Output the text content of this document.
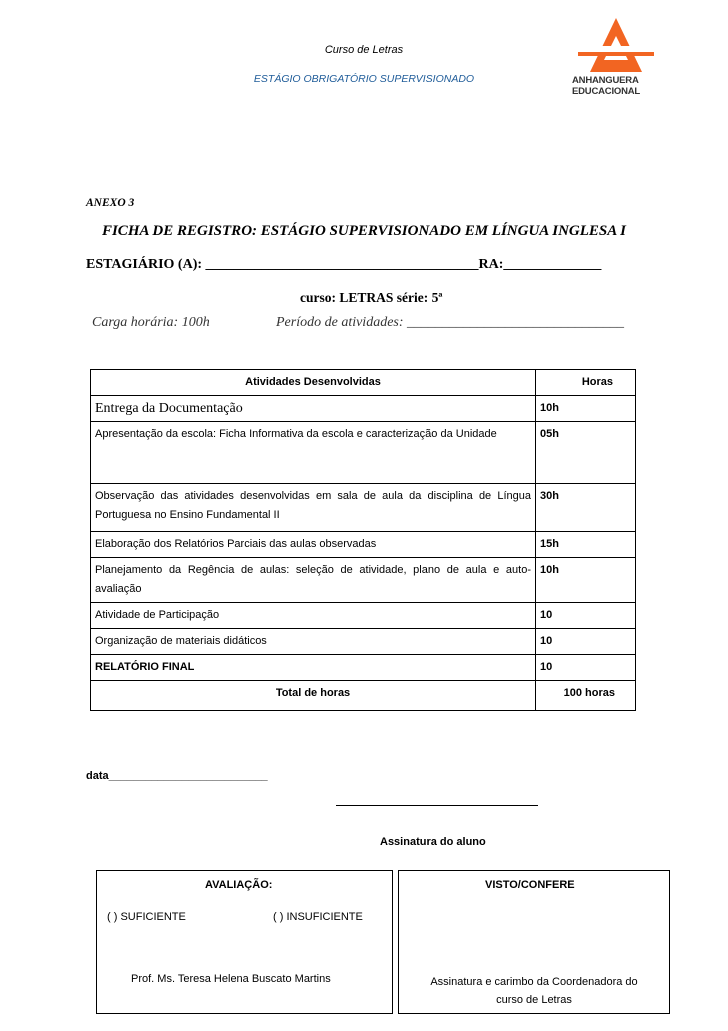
Curso de Letras
ESTÁGIO OBRIGATÓRIO SUPERVISIONADO	ANHANGUERA
EDUCACIONAL
ANEXO 3
FICHA DE REGISTRO: ESTÁGIO SUPERVISIONADO EM LÍNGUA INGLESA I
ESTAGIÁRIO (A): _______________________________________RA:______________
curso: LETRAS série: 5ª
Carga horária: 100h	Período de atividades: _______________________________
Atividades Desenvolvidas	Horas
Entrega da Documentação	10h
Apresentação da escola: Ficha Informativa da escola e caracterização da Unidade	05h
Observação das atividades desenvolvidas em sala de aula da disciplina de Língua Portuguesa no Ensino Fundamental II	30h
Elaboração dos Relatórios Parciais das aulas observadas	15h
Planejamento da Regência de aulas: seleção de atividade, plano de aula e auto-avaliação	10h
Atividade de Participação	10
Organização de materiais didáticos	10
RELATÓRIO FINAL	10
Total de horas	100 horas
data__________________________
Assinatura do aluno
AVALIAÇÃO:
( ) SUFICIENTE	( ) INSUFICIENTE
Prof. Ms. Teresa Helena Buscato Martins
VISTO/CONFERE
Assinatura e carimbo da Coordenadora do
curso de Letras
